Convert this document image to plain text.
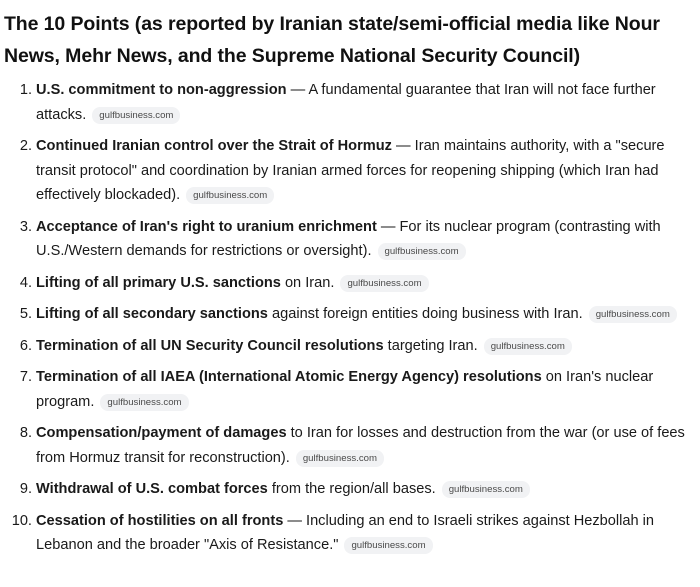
The 10 Points (as reported by Iranian state/semi-official media like Nour News, Mehr News, and the Supreme National Security Council)
1. U.S. commitment to non-aggression — A fundamental guarantee that Iran will not face further attacks. gulfbusiness.com
2. Continued Iranian control over the Strait of Hormuz — Iran maintains authority, with a "secure transit protocol" and coordination by Iranian armed forces for reopening shipping (which Iran had effectively blockaded). gulfbusiness.com
3. Acceptance of Iran's right to uranium enrichment — For its nuclear program (contrasting with U.S./Western demands for restrictions or oversight). gulfbusiness.com
4. Lifting of all primary U.S. sanctions on Iran. gulfbusiness.com
5. Lifting of all secondary sanctions against foreign entities doing business with Iran. gulfbusiness.com
6. Termination of all UN Security Council resolutions targeting Iran. gulfbusiness.com
7. Termination of all IAEA (International Atomic Energy Agency) resolutions on Iran's nuclear program. gulfbusiness.com
8. Compensation/payment of damages to Iran for losses and destruction from the war (or use of fees from Hormuz transit for reconstruction). gulfbusiness.com
9. Withdrawal of U.S. combat forces from the region/all bases. gulfbusiness.com
10. Cessation of hostilities on all fronts — Including an end to Israeli strikes against Hezbollah in Lebanon and the broader "Axis of Resistance." gulfbusiness.com
